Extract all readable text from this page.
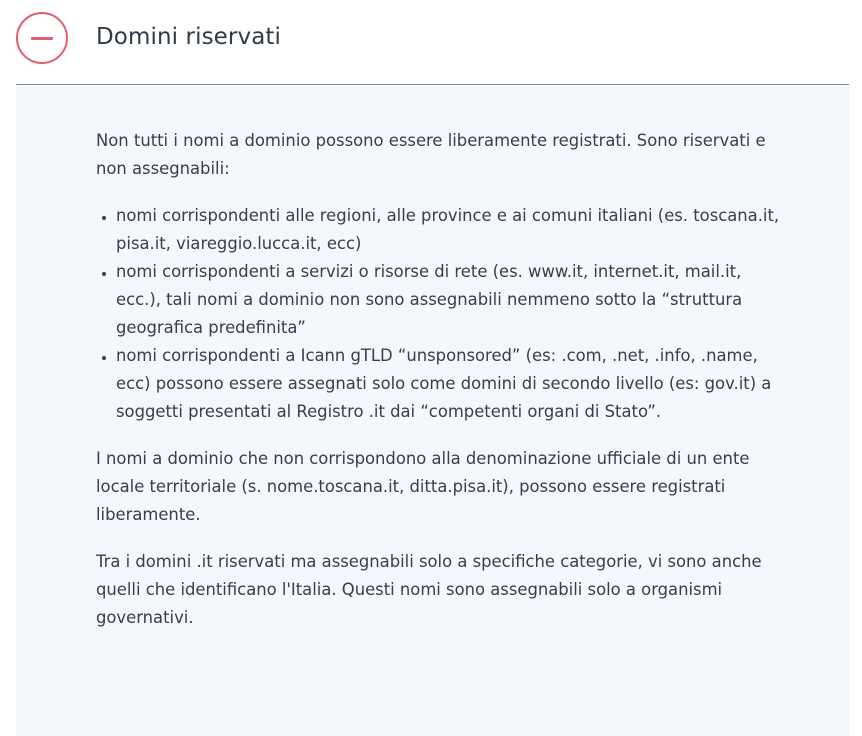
Domini riservati

Non tutti i nomi a dominio possono essere liberamente registrati. Sono riservati e non assegnabili:

• nomi corrispondenti alle regioni, alle province e ai comuni italiani (es. toscana.it, pisa.it, viareggio.lucca.it, ecc)
• nomi corrispondenti a servizi o risorse di rete (es. www.it, internet.it, mail.it, ecc.), tali nomi a dominio non sono assegnabili nemmeno sotto la “struttura geografica predefinita”
• nomi corrispondenti a Icann gTLD “unsponsored” (es: .com, .net, .info, .name, ecc) possono essere assegnati solo come domini di secondo livello (es: gov.it) a soggetti presentati al Registro .it dai “competenti organi di Stato”.

I nomi a dominio che non corrispondono alla denominazione ufficiale di un ente locale territoriale (s. nome.toscana.it, ditta.pisa.it), possono essere registrati liberamente.

Tra i domini .it riservati ma assegnabili solo a specifiche categorie, vi sono anche quelli che identificano l'Italia. Questi nomi sono assegnabili solo a organismi governativi.
